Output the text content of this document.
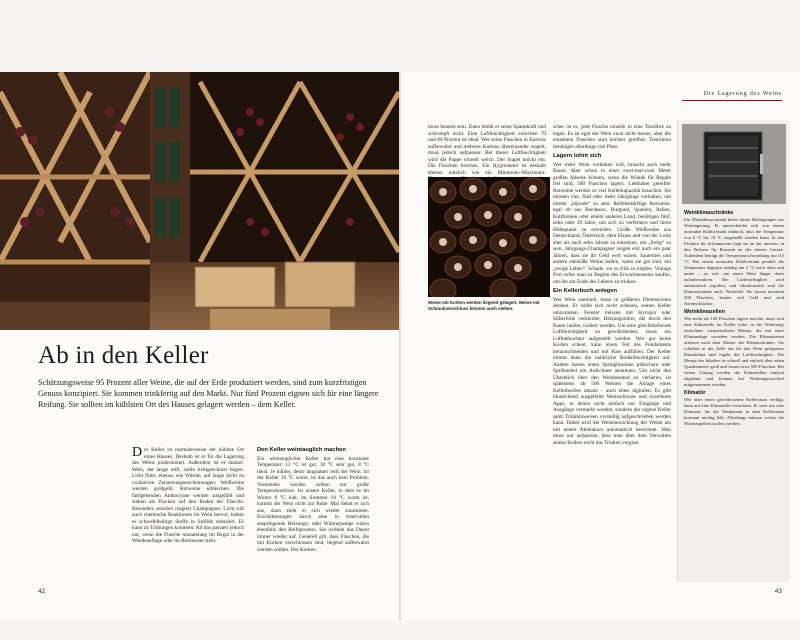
Ab in den Keller
Schätzungsweise 95 Prozent aller Weine, die auf der Erde produziert werden, sind zum kurzfristigen Genuss konzipiert. Sie kommen trinkfertig auf den Markt. Nur fünf Prozent eignen sich für eine längere Reifung. Sie sollten im kühlsten Ort des Hauses gelagert werden – dem Keller.

Der Keller ist normalerweise der kühlste Ort eines Hauses. Deshalb ist er für die Lagerung des Weins prädestiniert. Außerdem ist er dunkel. Wein, der lange reift, sollte lichtgeschützt liegen. Licht führt, ebenso wie Wärme, auf lange Sicht zu oxidativen Zersetzungserscheinungen: Weißweine werden goldgelb, Rotweine erbleichen. Die farbgebenden Anthocyane werden ausgefällt und sinken als Flocken auf den Boden der Flasche. Besonders sensibel reagiert Champagner. Licht ruft auch chemische Reaktionen im Wein hervor, indem es schwefelhaltige Stoffe in Sulfide reduziert. Es kann zu Trübungen kommen. All das passiert jedoch nur, wenn die Flasche monatelang im Regal in der Wendeauflage oder im Restaurant steht.

Den Keller weintauglich machen

Ein weintauglicher Keller hat eine konstante Temperatur: 12 °C ist gut, 10 °C sehr gut, 8 °C ideal. Je kühler, desto langsamer reift der Wein. Ist der Keller 16 °C warm, ist das auch kein Problem. Vermieden werden sollten nur große Temperaturstürze. Ist unsere Keller, in dem es im Winter 8 °C kalt, im Sommer 18 °C warm ist, kommt der Wein nicht zur Ruhe. Mal dehnt er sich aus, dann zieht er sich wieder zusammen. Erschütterungen durch eine in Intervallen anspringende Heizungs- oder Wärmepumpe wären ebenfalls den Reifeprozess. Sie wirbeln das Depot immer wieder auf. Generell gilt, dass Flaschen, die mit Korken verschlossen sind, liegend aufbewahrt werden sollten. Der Korken

42
Die Lagerung des Weins

muss benetzt sein. Dann bleibt er seine Spannkraft und schrumpft nicht. Eine Luftfeuchtigkeit zwischen 70 und 80 Prozent ist ideal. Wer seine Flaschen in Kartons aufbewahrt und mehrere Kartons übereinander stapelt, muss jedoch aufpassen: Bei dieser Luftfeuchtigkeit wird die Pappe schnell weich. Der Stapel knickt ein. Die Flaschen brechen. Ein Hygrometer ist deshalb ebenso nützlich wie ein Minimum-/Maximum-

scher ist es, jede Flasche einzeln in eine Tonröhre zu legen. Es ist egal der Wein zwar nicht besser, aber die einzelnen Flaschen sind leichter greifbar. Tonröhren benötigen allerdings viel Platz.

Lagern lohnt sich

Wer mehr Wein vorhalten will, braucht auch mehr Raum. Aber schon in einer zwei-mal-zwei Meter großen Abseite können, wenn die Wände für Regale frei sind, 500 Flaschen lagern. Liebhaber gereifter Rotweine werden so viel Kellerkapazität brauchen. Sie müssen vier, fünf oder mehr Jahrgänge vorhalten, um immer „bijoude“ zu sein. Reifebedürftige Rotweine, egal ob aus Bordeaux, Burgund, Spanien, Italien, Kalifornien oder einem anderen Land, benötigen fünf, zehn oder 20 Jahre, um sich zu verfeinern und ihren Höhepunkt zu erreichen. Große Weißweine aus Deutschland, Österreich, dem Elsass und von der Loire eher als auch zehn Jahren zu einsetzen, um „fertig“ zu sein. Jahrgangs-Champagner zeigen erst nach ein paar Jahren, dass sie ihr Geld wert waren. Sauternes und andere edelsüße Weine halten, wenn sie gut sind, ein „ewige Leben“. Schade, sie zu früh zu köpfen. Vintage Port sollte man zu Beginn des Erwachsenseins kaufen, um ihn am Ende des Lebens zu trinken.

Ein Kellerbuch anlegen

Wer Wein sammelt, muss in größeren Dimensionen denken. Er sollte sich nicht scheuen, seinen Keller umzurüsten. Fenster müssen mit Styropor oder Silberfolie verkleidet, Heizungsrohre, die durch den Raum laufen, isoliert werden. Um eine gleichbleibende Luftfeuchtigkeit zu gewährleisten, muss ein Luftbefeuchter aufgestellt werden. Wer gar keine Kosten scheut, kann einen Teil des Fundaments herausschneiden und mit Kies auffüllen. Der Keller nimmt dann die natürliche Bodenfeuchtigkeit auf. Andere lassen einen Springbrunnen plätschern oder Sprühnebel ein Aufschnee anstreuen. Um nicht den Überblick über den Weinbestand zu verlieren, ist spätestens ab 500 Weinen die Anlage eines Kellerbuches ratsam – auch eines digitalen. Es gibt hinreichend ausgefeilte Weinsoftware und exzellente Apps, in denen nicht einfach nur Eingänge und Ausgänge vermerkt werden, sondern der eigene Keller samt Trinkhinweisen vorstellig aufgeschrieben werden kann. Dabei wird die Weinentwicklung der Weine am mit einem Aktienkurs automatisch berechnet. Man muss nur aufpassen, dass man über dem Verwalten seines Kellers nicht das Trinken vergisst.

Weine mit Korken werden liegend gelagert. Weine mit Schraubverschluss können auch stehen.
Weinklimaschränke

Ein Weinklimaschrank bietet ideale Bedingungen zur Weinlagerung. Er unterscheidet sich von einem normalen Kühlschrank dadurch, dass die Temperatur von 6 °C bis 18 °C eingestellt werden kann. In den Fächern für Schaumwein liegt sie an der unteren, in den Fächern für Rotwein an der oberen Grenze. Außerdem beträgt die Temperaturschwankung nur 0,5 °C. Bei einem normalen Kühlschrank pendelt die Temperatur dagegen ständig um 2 °C nach oben und unten – zu viel, um einen Wein länger darin aufzubewahren. Die Luftfeuchtigkeit wird automatisch reguliert, und vibrationsfrei sind die Klimaschränke auch. Nachteile: Sie fassen maximal 200 Flaschen, kosten viel Geld und sind Stromschlucker.

Weinklimazellen

Wer mehr als 120 Flaschen lagern möchte, muss sich eine Klimazelle im Keller (oder in der Wohnung) einrichten: wärmeisolierte Räume, die mit einer Klimaanlage versehen werden. Die Klimatürmen arbeiten nach dem Muster der Klimaschränke. Sie schaffen in der Zelle ein für den Wein geeignetes Raumklima und regeln die Luftfeuchtigkeit. Die Menge des Inhaltes ist schnell und einfach über einen Quadratmeter groß und fassen etwa 500 Flaschen. Bei einem Umzug werden die Klimazellen einfach abgebaut und können bei Wohnungswechsel mitgenommen werden.

Klimatür

Wer über einen geschlossenen Kellerraum verfügt, kann auf eine Klimazelle verzichten. Er setzt nur eine Klimatür, die die Temperatur in dem Kellerraum konstant niedrig hält. Allerdings müssen vorher die Wärmequellen isoliert werden.

43
